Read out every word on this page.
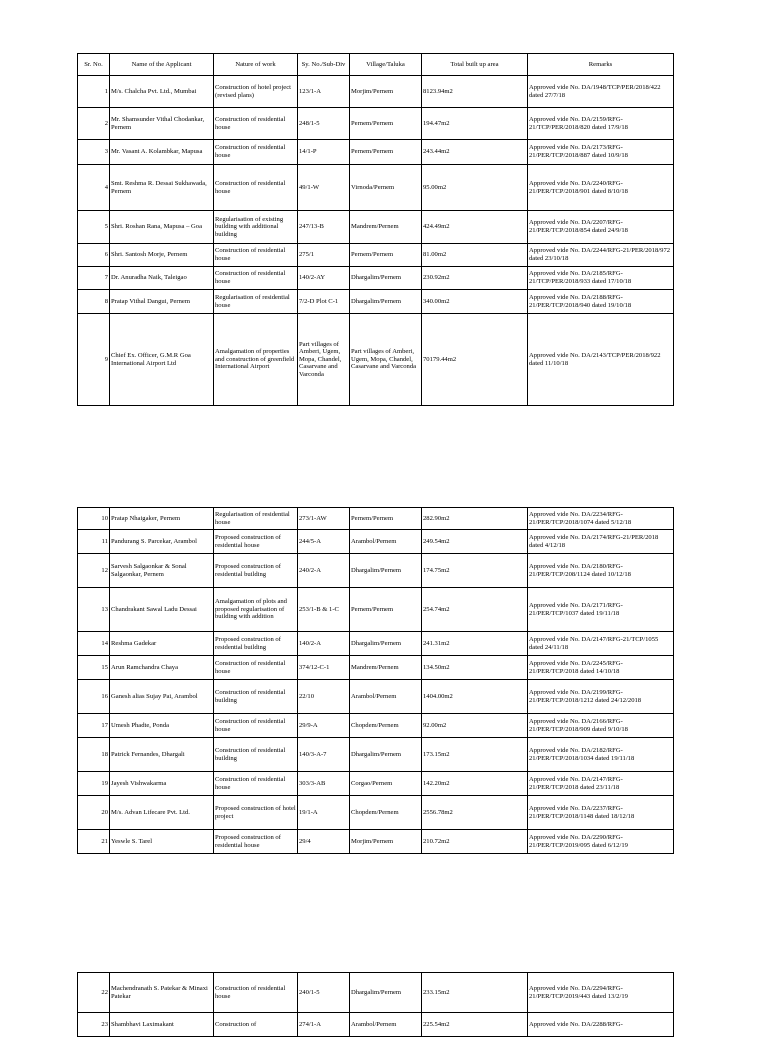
Sr. No.	Name of the Applicant	Nature of work	Sy. No./Sub-Div	Village/Taluka	Total built up area	Remarks
1	M/s. Chalcha Pvt. Ltd., Mumbai	Construction of hotel project (revised plans)	123/1-A	Morjim/Pernem	8123.94m2	Approved vide No. DA/1948/TCP/PER/2018/422 dated 27/7/18
2	Mr. Shamsunder Vithal Chodankar, Pernem	Construction of residential house	248/1-5	Pernem/Pernem	194.47m2	Approved vide No. DA/2159/RFG-21/TCP/PER/2018/820 dated 17/9/18
3	Mr. Vasant A. Kolambkar, Mapusa	Construction of residential house	14/1-P	Pernem/Pernem	243.44m2	Approved vide No. DA/2173/RFG-21/PER/TCP/2018/887 dated 10/9/18
4	Smt. Reshma R. Dessai Sukhawada, Pernem	Construction of residential house	49/1-W	Virnoda/Pernem	95.00m2	Approved vide No. DA/2240/RFG-21/PER/TCP/2018/901 dated 8/10/18
5	Shri. Roshan Rana, Mapusa – Goa	Regularisation of existing building with additional building	247/13-B	Mandrem/Pernem	424.49m2	Approved vide No. DA/2207/RFG-21/PER/TCP/2018/854 dated 24/9/18
6	Shri. Santosh Morje, Pernem	Construction of residential house	275/1	Pernem/Pernem	81.00m2	Approved vide No. DA/2244/RFG-21/PER/2018/972 dated 23/10/18
7	Dr. Anuradha Naik, Taleigao	Construction of residential house	140/2-AY	Dhargalim/Pernem	230.92m2	Approved vide No. DA/2185/RFG-21/TCP/PER/2018/933 dated 17/10/18
8	Pratap Vithal Dangui, Pernem	Regularisation of residential house	7/2-D Plot C-1	Dhargalim/Pernem	340.00m2	Approved vide No. DA/2188/RFG-21/PER/TCP/2018/940 dated 19/10/18
9	Chief Ex. Officer, G.M.R Goa International Airport Ltd	Amalgamation of properties and construction of greenfield International Airport	Part villages of Amberi, Ugem, Mopa, Chandel, Casarvane and Varconda	Part villages of Amberi, Ugem, Mopa, Chandel, Casarvane and Varconda	70179.44m2	Approved vide No. DA/2143/TCP/PER/2018/922 dated 11/10/18
10	Pratap Nhaigaker, Pernem	Regularisation of residential house	273/1-AW	Pernem/Pernem	282.90m2	Approved vide No. DA/2234/RFG-21/PER/TCP/2018/1074 dated 5/12/18
11	Pandurang S. Parcekar, Arambol	Proposed construction of residential house	244/5-A	Arambol/Pernem	249.54m2	Approved vide No. DA/2174/RFG-21/PER/2018 dated 4/12/18
12	Sarvesh Salgaonkar & Sonal Salgaonkar, Pernem	Proposed construction of residential building	240/2-A	Dhargalim/Pernem	174.75m2	Approved vide No. DA/2180/RFG-21/PER/TCP/208/1124 dated 10/12/18
13	Chandrakant Sawal Ladu Dessai	Amalgamation of plots and proposed regularisation of building with addition	253/1-B & 1-C	Pernem/Pernem	254.74m2	Approved vide No. DA/2171/RFG-21/PER/TCP/1037 dated 19/11/18
14	Reshma Gadekar	Proposed construction of residential building	140/2-A	Dhargalim/Pernem	241.31m2	Approved vide No. DA/2147/RFG-21/TCP/1055 dated 24/11/18
15	Arun Ramchandra Chaya	Construction of residential house	374/12-C-1	Mandrem/Pernem	134.50m2	Approved vide No. DA/2245/RFG-21/PER/TCP/2018 dated 14/10/18
16	Ganesh alias Sujay Pai, Arambol	Construction of residential building	22/10	Arambol/Pernem	1404.00m2	Approved vide No. DA/2199/RFG-21/PER/TCP/2018/1212 dated 24/12/2018
17	Umesh Phadte, Ponda	Construction of residential house	29/9-A	Chopdem/Pernem	92.00m2	Approved vide No. DA/2166/RFG-21/PER/TCP/2018/909 dated 9/10/18
18	Patrick Fernandes, Dhargali	Construction of residential building	140/3-A-7	Dhargalim/Pernem	173.15m2	Approved vide No. DA/2182/RFG-21/PER/TCP/2018/1034 dated 19/11/18
19	Jayesh Vishwakarma	Construction of residential house	303/3-AB	Corgao/Pernem	142.20m2	Approved vide No. DA/2147/RFG-21/PER/TCP/2018 dated 23/11/18
20	M/s. Advan Lifecare Pvt. Ltd.	Proposed construction of hotel project	19/1-A	Chopdem/Pernem	2556.78m2	Approved vide No. DA/2237/RFG-21/PER/TCP/2018/1148 dated 18/12/18
21	Yeswle S. Tarel	Proposed construction of residential house	29/4	Morjim/Pernem	210.72m2	Approved vide No. DA/2290/RFG-21/PER/TCP/2019/095 dated 6/12/19
22	Machendranath S. Patekar & Minaxi Patekar	Construction of residential house	240/1-5	Dhargalim/Pernem	233.15m2	Approved vide No. DA/2294/RFG-21/PER/TCP/2019/443 dated 13/2/19
23	Shambhavi Laximakant	Construction of	274/1-A	Arambol/Pernem	225.54m2	Approved vide No. DA/2288/RFG-
